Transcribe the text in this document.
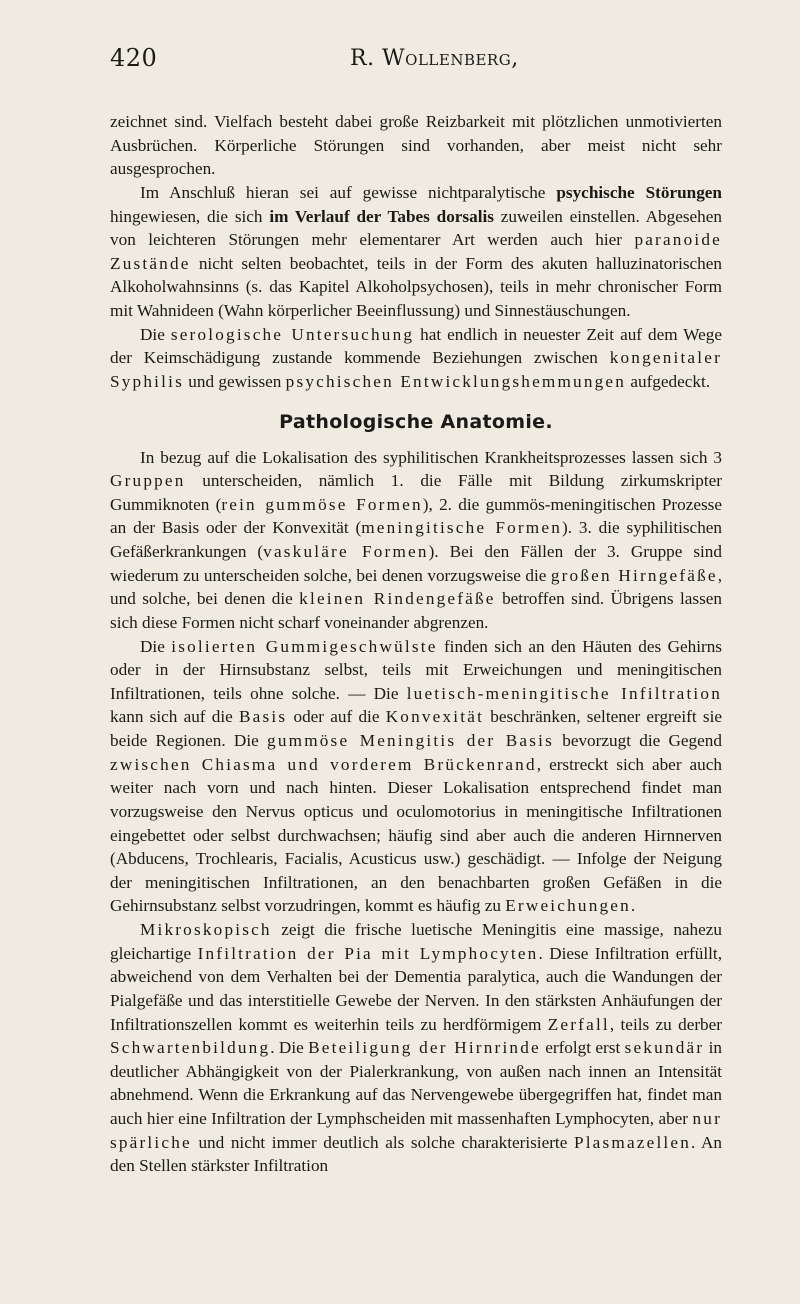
420	R. Wollenberg,

zeichnet sind. Vielfach besteht dabei große Reizbarkeit mit plötzlichen unmotivierten Ausbrüchen. Körperliche Störungen sind vorhanden, aber meist nicht sehr ausgesprochen.

Im Anschluß hieran sei auf gewisse nichtparalytische psychische Störungen hingewiesen, die sich im Verlauf der Tabes dorsalis zuweilen einstellen. Abgesehen von leichteren Störungen mehr elementarer Art werden auch hier paranoide Zustände nicht selten beobachtet, teils in der Form des akuten halluzinatorischen Alkoholwahnsinns (s. das Kapitel Alkoholpsychosen), teils in mehr chronischer Form mit Wahnideen (Wahn körperlicher Beeinflussung) und Sinnestäuschungen.

Die serologische Untersuchung hat endlich in neuester Zeit auf dem Wege der Keimschädigung zustande kommende Beziehungen zwischen kongenitaler Syphilis und gewissen psychischen Entwicklungshemmungen aufgedeckt.

Pathologische Anatomie.

In bezug auf die Lokalisation des syphilitischen Krankheitsprozesses lassen sich 3 Gruppen unterscheiden, nämlich 1. die Fälle mit Bildung zirkumskripter Gummiknoten (rein gummöse Formen), 2. die gummös-meningitischen Prozesse an der Basis oder der Konvexität (meningitische Formen). 3. die syphilitischen Gefäßerkrankungen (vaskuläre Formen). Bei den Fällen der 3. Gruppe sind wiederum zu unterscheiden solche, bei denen vorzugsweise die großen Hirngefäße, und solche, bei denen die kleinen Rindengefäße betroffen sind. Übrigens lassen sich diese Formen nicht scharf voneinander abgrenzen.

Die isolierten Gummigeschwülste finden sich an den Häuten des Gehirns oder in der Hirnsubstanz selbst, teils mit Erweichungen und meningitischen Infiltrationen, teils ohne solche. — Die luetisch-meningitische Infiltration kann sich auf die Basis oder auf die Konvexität beschränken, seltener ergreift sie beide Regionen. Die gummöse Meningitis der Basis bevorzugt die Gegend zwischen Chiasma und vorderem Brückenrand, erstreckt sich aber auch weiter nach vorn und nach hinten. Dieser Lokalisation entsprechend findet man vorzugsweise den Nervus opticus und oculomotorius in meningitische Infiltrationen eingebettet oder selbst durchwachsen; häufig sind aber auch die anderen Hirnnerven (Abducens, Trochlearis, Facialis, Acusticus usw.) geschädigt. — Infolge der Neigung der meningitischen Infiltrationen, an den benachbarten großen Gefäßen in die Gehirnsubstanz selbst vorzudringen, kommt es häufig zu Erweichungen.

Mikroskopisch zeigt die frische luetische Meningitis eine massige, nahezu gleichartige Infiltration der Pia mit Lymphocyten. Diese Infiltration erfüllt, abweichend von dem Verhalten bei der Dementia paralytica, auch die Wandungen der Pialgefäße und das interstitielle Gewebe der Nerven. In den stärksten Anhäufungen der Infiltrationszellen kommt es weiterhin teils zu herdförmigem Zerfall, teils zu derber Schwartenbildung. Die Beteiligung der Hirnrinde erfolgt erst sekundär in deutlicher Abhängigkeit von der Pialerkrankung, von außen nach innen an Intensität abnehmend. Wenn die Erkrankung auf das Nervengewebe übergegriffen hat, findet man auch hier eine Infiltration der Lymphscheiden mit massenhaften Lymphocyten, aber nur spärliche und nicht immer deutlich als solche charakterisierte Plasmazellen. An den Stellen stärkster Infiltration
